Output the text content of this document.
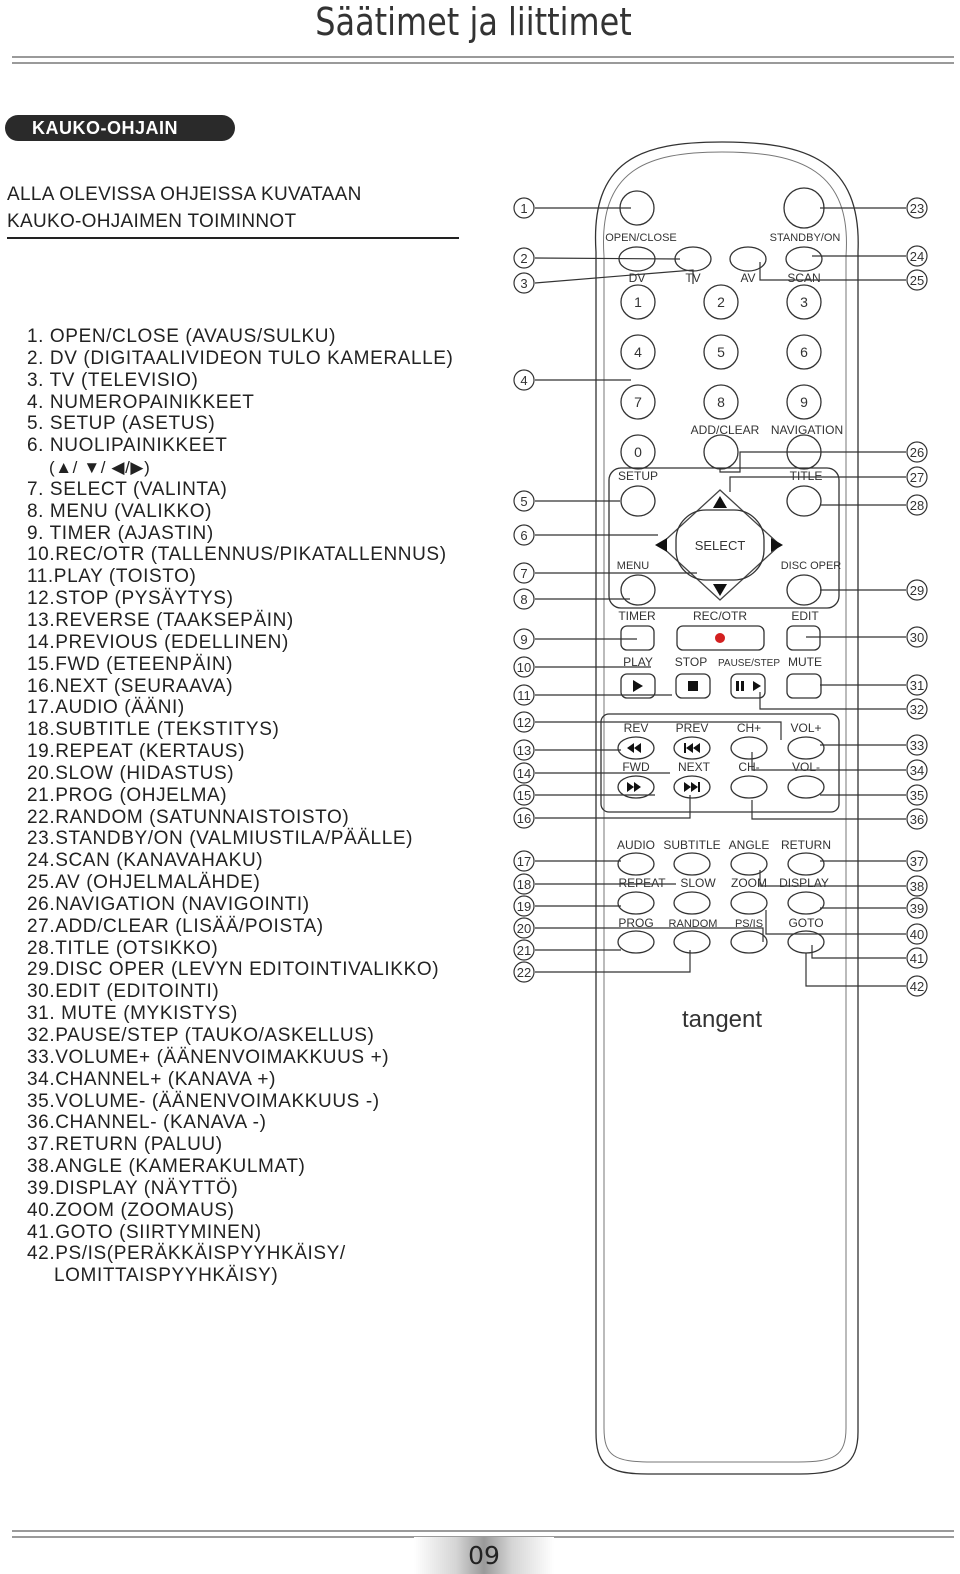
Säätimet ja liittimet
KAUKO-OHJAIN
ALLA OLEVISSA OHJEISSA KUVATAAN
KAUKO-OHJAIMEN TOIMINNOT
1. OPEN/CLOSE (AVAUS/SULKU)
2. DV (DIGITAALIVIDEON TULO KAMERALLE)
3. TV (TELEVISIO)
4. NUMEROPAINIKKEET
5. SETUP (ASETUS)
6. NUOLIPAINIKKEET
(▲/ ▼/ ◀/▶)
7. SELECT (VALINTA)
8. MENU (VALIKKO)
9. TIMER (AJASTIN)
10.REC/OTR (TALLENNUS/PIKATALLENNUS)
11.PLAY (TOISTO)
12.STOP (PYSÄYTYS)
13.REVERSE (TAAKSEPÄIN)
14.PREVIOUS (EDELLINEN)
15.FWD (ETEENPÄIN)
16.NEXT (SEURAAVA)
17.AUDIO (ÄÄNI)
18.SUBTITLE (TEKSTITYS)
19.REPEAT (KERTAUS)
20.SLOW (HIDASTUS)
21.PROG (OHJELMA)
22.RANDOM (SATUNNAISTOISTO)
23.STANDBY/ON (VALMIUSTILA/PÄÄLLE)
24.SCAN (KANAVAHAKU)
25.AV (OHJELMALÄHDE)
26.NAVIGATION (NAVIGOINTI)
27.ADD/CLEAR (LISÄÄ/POISTA)
28.TITLE (OTSIKKO)
29.DISC OPER (LEVYN EDITOINTIVALIKKO)
30.EDIT (EDITOINTI)
31. MUTE (MYKISTYS)
32.PAUSE/STEP (TAUKO/ASKELLUS)
33.VOLUME+ (ÄÄNENVOIMAKKUUS +)
34.CHANNEL+ (KANAVA +)
35.VOLUME- (ÄÄNENVOIMAKKUUS -)
36.CHANNEL- (KANAVA -)
37.RETURN (PALUU)
38.ANGLE (KAMERAKULMAT)
39.DISPLAY (NÄYTTÖ)
40.ZOOM (ZOOMAUS)
41.GOTO (SIIRTYMINEN)
42.PS/IS(PERÄKKÄISPYYHKÄISY/
LOMITTAISPYYHKÄISY)
OPEN/CLOSE	STANDBY/ON
DV	TV	AV	SCAN
1	2	3
4	5	6
7	8	9
0
ADD/CLEAR NAVIGATION
SETUP	TITLE
SELECT
MENU	DISC OPER
TIMER	REC/OTR	EDIT
PLAY STOP PAUSE/STEP MUTE
REV PREV CH+ VOL+
FWD NEXT CH-	VOL-
AUDIO SUBTITLE ANGLE RETURN
REPEAT SLOW ZOOM DISPLAY
PROG RANDOM PS/IS GOTO
tangent
1
2
3
4
5
6
7
8
9
10
11
12
13
14
15
16
17
18
19
20
21
22
23
24
25
26
27
28
29
30
31
32
33
34
35
36
37
38
39
40
41
42
09
